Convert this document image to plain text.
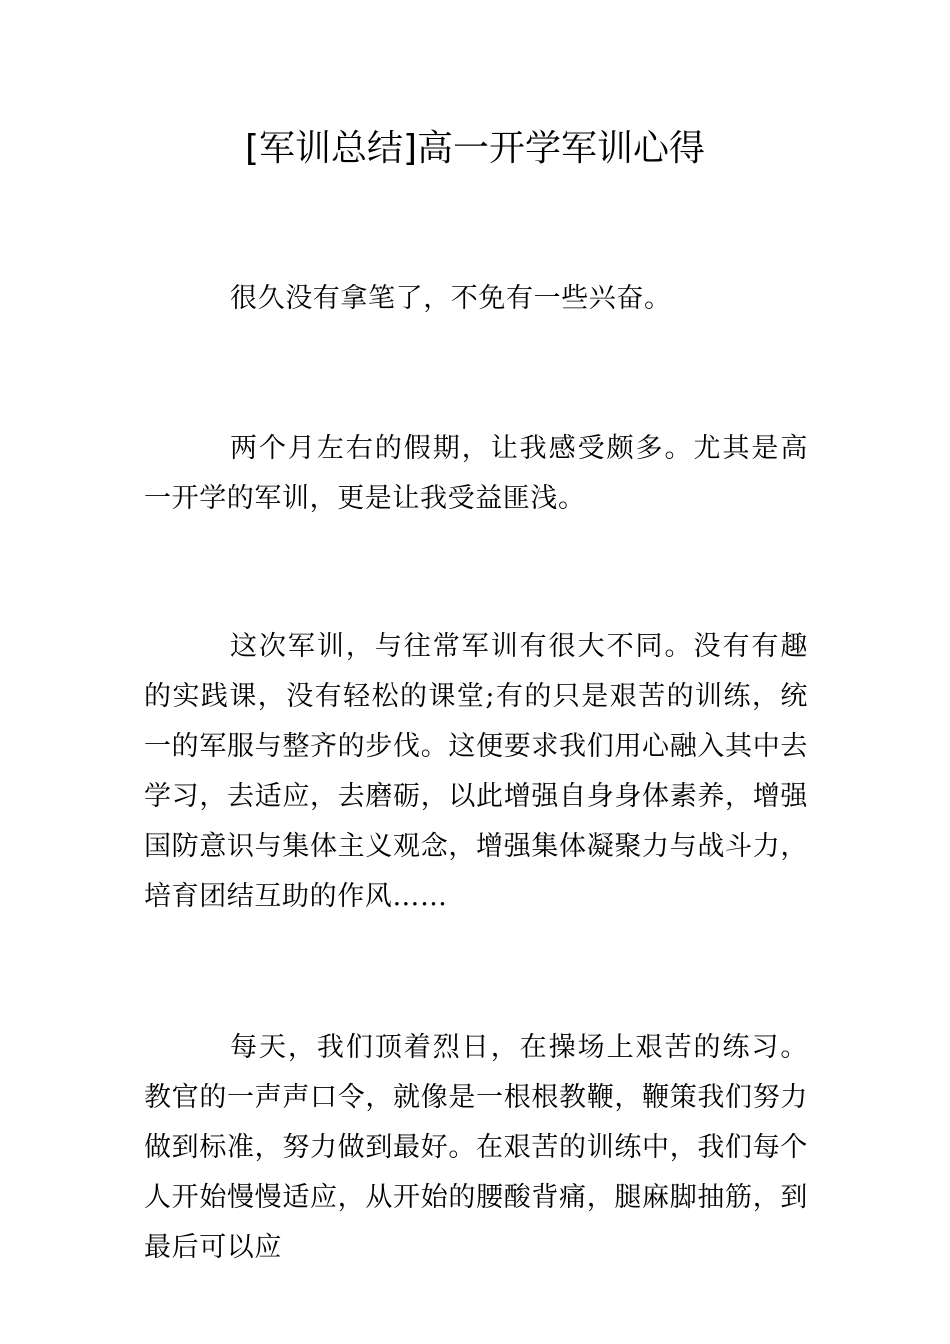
[军训总结]高一开学军训心得

很久没有拿笔了，不免有一些兴奋。

两个月左右的假期，让我感受颇多。尤其是高一开学的军训，更是让我受益匪浅。

这次军训，与往常军训有很大不同。没有有趣的实践课，没有轻松的课堂;有的只是艰苦的训练，统一的军服与整齐的步伐。这便要求我们用心融入其中去学习，去适应，去磨砺，以此增强自身身体素养，增强国防意识与集体主义观念，增强集体凝聚力与战斗力，培育团结互助的作风……

每天，我们顶着烈日，在操场上艰苦的练习。教官的一声声口令，就像是一根根教鞭，鞭策我们努力做到标准，努力做到最好。在艰苦的训练中，我们每个人开始慢慢适应，从开始的腰酸背痛，腿麻脚抽筋，到最后可以应
